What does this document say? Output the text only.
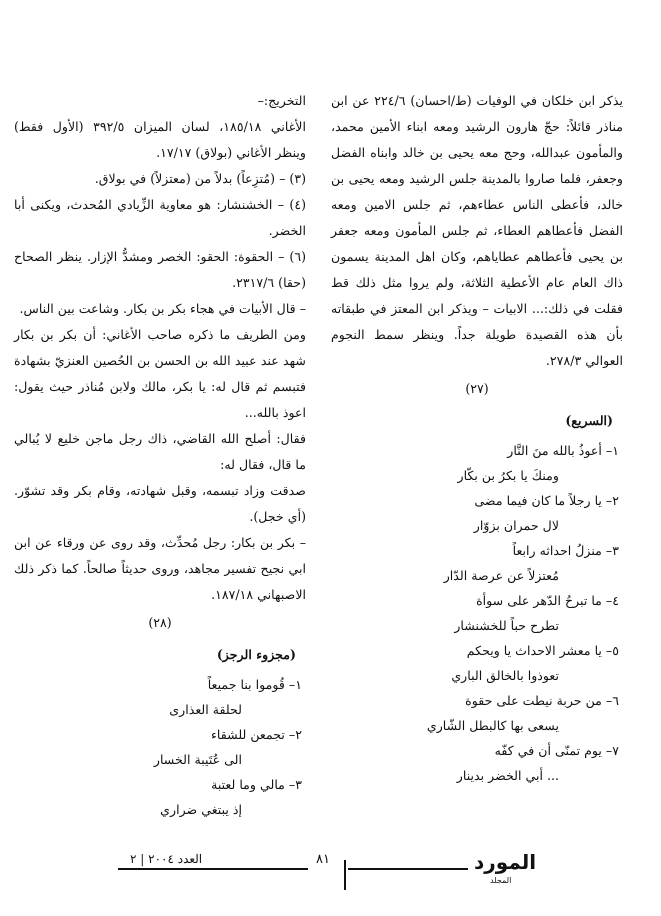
يذكر ابن خلكان في الوفيات (ط/احسان) ٢٢٤/٦ عن ابن مناذر قائلاً: حجّ هارون الرشيد ومعه ابناء الأمين محمد، والمأمون عبدالله، وحج معه يحيى بن خالد وابناه الفضل وجعفر، فلما صاروا بالمدينة جلس الرشيد ومعه يحيى بن خالد، فأعطى الناس عطاءهم، ثم جلس الامين ومعه الفضل فأعطاهم العطاء، ثم جلس المأمون ومعه جعفر بن يحيى فأعطاهم عطاياهم، وكان اهل المدينة يسمون ذاك العام عام الأعطية الثلاثة، ولم يروا مثل ذلك قط فقلت في ذلك:... الابيات – ويذكر ابن المعتز في طبقاته بأن هذه القصيدة طويلة جداً. وينظر سمط النجوم العوالي ٢٧٨/٣.

(٢٧)
(السريع)

١– أعوذُ بالله منَ النَّار

ومنكَ يا بكرُ بن بكّار

٢– يا رجلاً ما كان فيما مضى

لال حمران بزوّار

٣– منزلُ احداثه رابعاً

مُعتزلاً عن عرصة الدّار

٤– ما تبرحُ الدّهر على سوأة

تطرح حباً للخشنشار

٥– يا معشر الاحداث يا ويحكم

تعوذوا بالخالق الباري

٦– من حربة نيطت على حقوة

يسعى بها كالبطل الشّاري

٧– يوم تمنّى أن في كفّه

... أبي الخضر بدينار

التخريج:–

الأغاني ١٨٥/١٨، لسان الميزان ٣٩٢/٥ (الأول فقط) وينظر الأغاني (بولاق) ١٧/١٧.

(٣) – (مُتزِعاً) بدلاً من (معتزلاً) في بولاق.

(٤) – الخشنشار: هو معاوية الزِّيادي المُحدث، ويكنى أبا الخضر.

(٦) – الحقوة: الحقو: الخصر ومشدُّ الإزار. ينظر الصحاح (حقا) ٢٣١٧/٦.

– قال الأبيات في هجاء بكر بن بكار. وشاعت بين الناس.

ومن الطريف ما ذكره صاحب الأغاني: أن بكر بن بكار شهد عند عبيد الله بن الحسن بن الحُصين العنزيّ بشهادة فتبسم ثم قال له: يا بكر، مالك ولابن مُناذر حيث يقول: اعوذ بالله...

فقال: أصلح الله القاضي، ذاك رجل ماجن خليع لا يُبالي ما قال، فقال له:

صدقت وزاد تبسمه، وقبل شهادته، وقام بكر وقد تشوّر. (أي خجل).

– بكر بن بكار: رجل مُحدِّث، وقد روى عن ورقاء عن ابن ابي نجيح تفسير مجاهد، وروى حديثاً صالحاً. كما ذكر ذلك الاصبهاني ١٨٧/١٨.

(٢٨)
(مجزوء الرجز)

١– قُوموا بنا جميعاً

لحلقة العذارى

٢– تجمعن للشقاء

الى عُتَيبة الخسار

٣– مالي وما لعتبة

إذ يبتغي ضراري

العدد ٢٠٠٤ | ٢	٨١	المورد
المجلد
